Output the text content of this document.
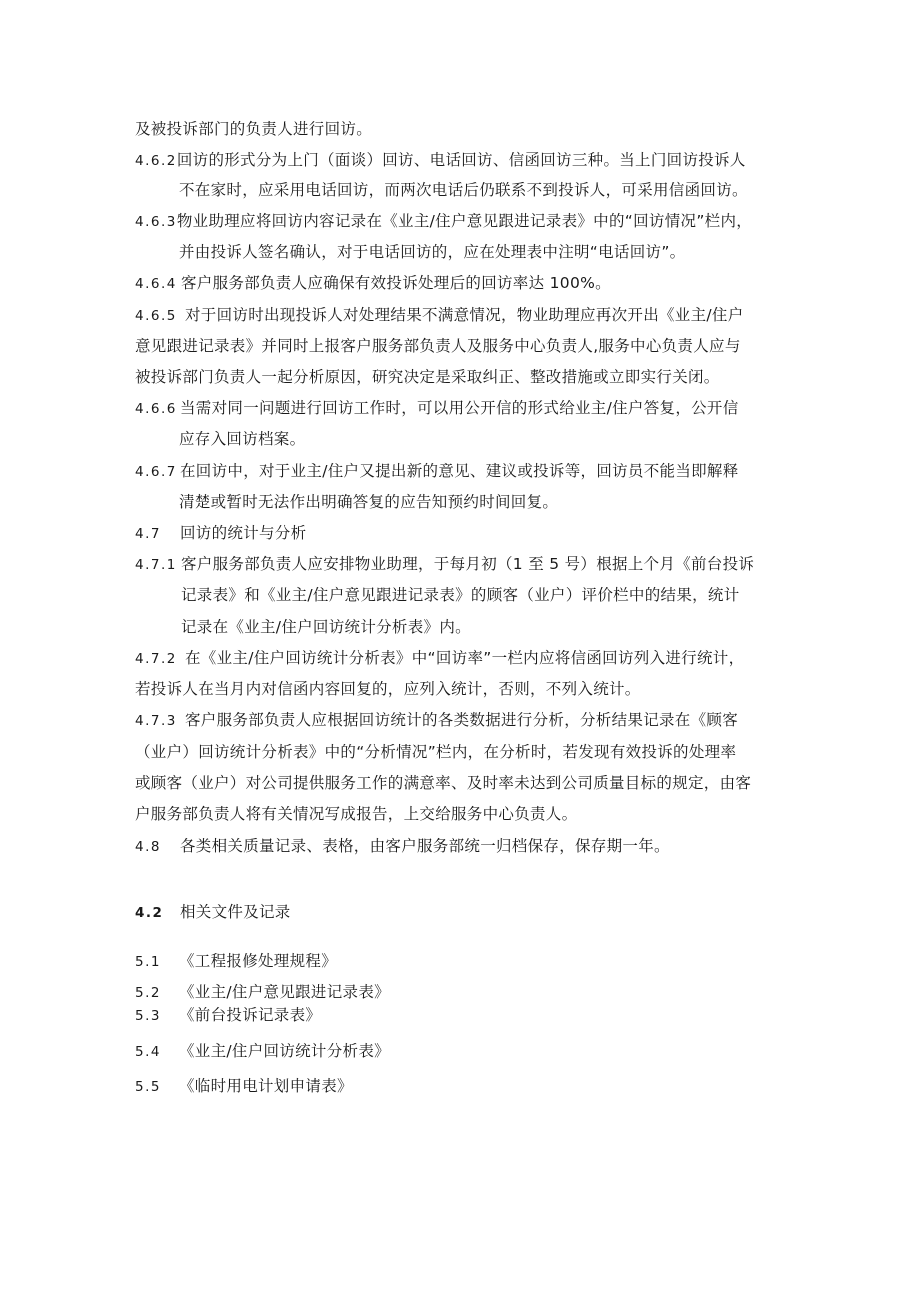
及被投诉部门的负责人进行回访。
4.6.2回访的形式分为上门（面谈）回访、电话回访、信函回访三种。当上门回访投诉人
不在家时，应采用电话回访，而两次电话后仍联系不到投诉人，可采用信函回访。
4.6.3物业助理应将回访内容记录在《业主/住户意见跟进记录表》中的“回访情况”栏内，
并由投诉人签名确认，对于电话回访的，应在处理表中注明“电话回访”。
4.6.4 客户服务部负责人应确保有效投诉处理后的回访率达 100%。
4.6.5 对于回访时出现投诉人对处理结果不满意情况，物业助理应再次开出《业主/住户
意见跟进记录表》并同时上报客户服务部负责人及服务中心负责人,服务中心负责人应与
被投诉部门负责人一起分析原因，研究决定是采取纠正、整改措施或立即实行关闭。
4.6.6 当需对同一问题进行回访工作时，可以用公开信的形式给业主/住户答复，公开信
应存入回访档案。
4.6.7 在回访中，对于业主/住户又提出新的意见、建议或投诉等，回访员不能当即解释
清楚或暂时无法作出明确答复的应告知预约时间回复。
4.7 回访的统计与分析
4.7.1 客户服务部负责人应安排物业助理，于每月初（1 至 5 号）根据上个月《前台投诉
记录表》和《业主/住户意见跟进记录表》的顾客（业户）评价栏中的结果，统计
记录在《业主/住户回访统计分析表》内。
4.7.2 在《业主/住户回访统计分析表》中“回访率”一栏内应将信函回访列入进行统计，
若投诉人在当月内对信函内容回复的，应列入统计，否则，不列入统计。
4.7.3 客户服务部负责人应根据回访统计的各类数据进行分析，分析结果记录在《顾客
（业户）回访统计分析表》中的“分析情况”栏内，在分析时，若发现有效投诉的处理率
或顾客（业户）对公司提供服务工作的满意率、及时率未达到公司质量目标的规定，由客
户服务部负责人将有关情况写成报告，上交给服务中心负责人。
4.8 各类相关质量记录、表格，由客户服务部统一归档保存，保存期一年。
4.2 相关文件及记录
5.1 《工程报修处理规程》
5.2 《业主/住户意见跟进记录表》
5.3 《前台投诉记录表》
5.4 《业主/住户回访统计分析表》
5.5 《临时用电计划申请表》
